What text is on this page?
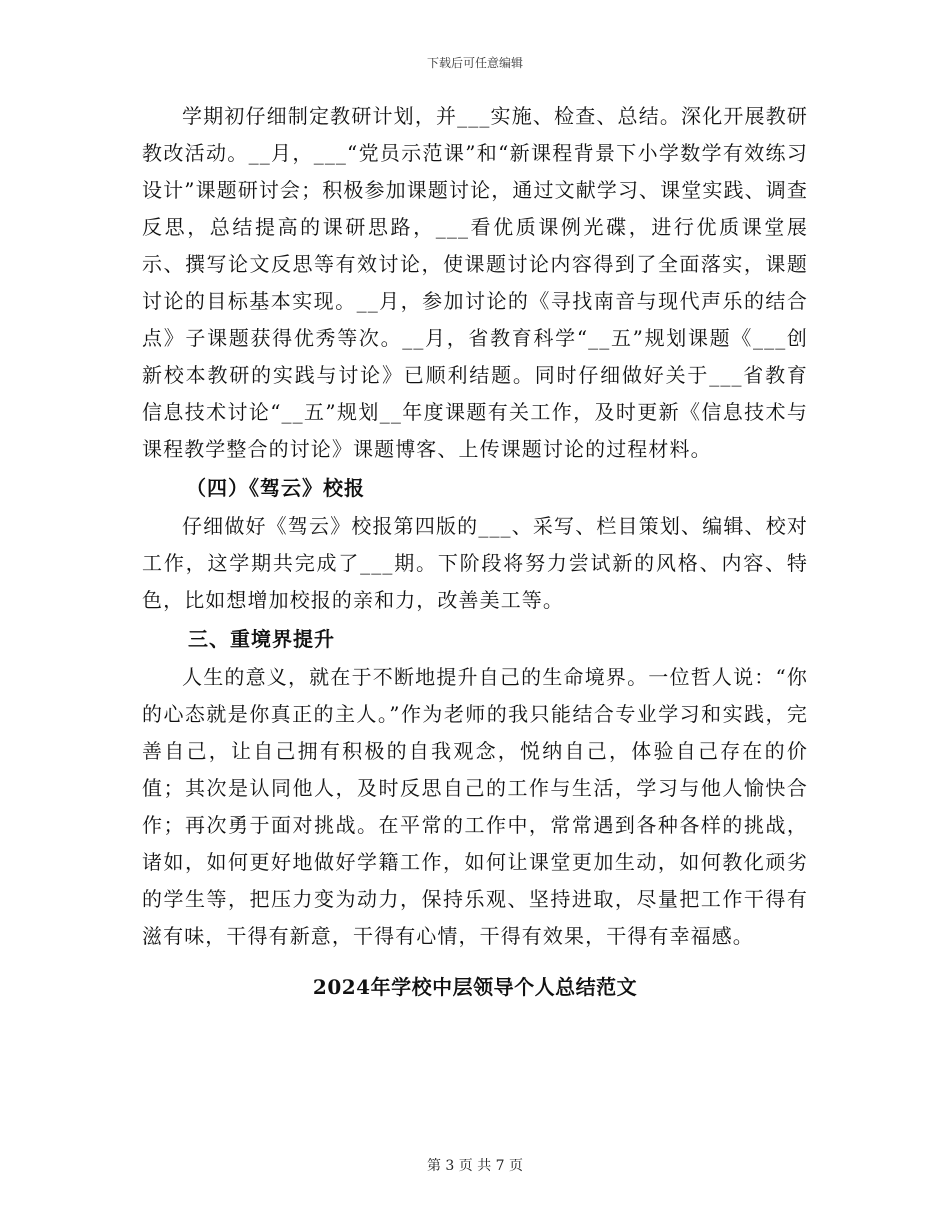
下载后可任意编辑

学期初仔细制定教研计划，并___实施、检查、总结。深化开展教研教改活动。__月，___“党员示范课”和“新课程背景下小学数学有效练习设计”课题研讨会；积极参加课题讨论，通过文献学习、课堂实践、调查反思，总结提高的课研思路，___看优质课例光碟，进行优质课堂展示、撰写论文反思等有效讨论，使课题讨论内容得到了全面落实，课题讨论的目标基本实现。__月，参加讨论的《寻找南音与现代声乐的结合点》子课题获得优秀等次。__月，省教育科学“__五”规划课题《___创新校本教研的实践与讨论》已顺利结题。同时仔细做好关于___省教育信息技术讨论“__五”规划__年度课题有关工作，及时更新《信息技术与课程教学整合的讨论》课题博客、上传课题讨论的过程材料。

（四）《驾云》校报

仔细做好《驾云》校报第四版的___、采写、栏目策划、编辑、校对工作，这学期共完成了___期。下阶段将努力尝试新的风格、内容、特色，比如想增加校报的亲和力，改善美工等。

三、重境界提升

人生的意义，就在于不断地提升自己的生命境界。一位哲人说：“你的心态就是你真正的主人。”作为老师的我只能结合专业学习和实践，完善自己，让自己拥有积极的自我观念，悦纳自己，体验自己存在的价值；其次是认同他人，及时反思自己的工作与生活，学习与他人愉快合作；再次勇于面对挑战。在平常的工作中，常常遇到各种各样的挑战，诸如，如何更好地做好学籍工作，如何让课堂更加生动，如何教化顽劣的学生等，把压力变为动力，保持乐观、坚持进取，尽量把工作干得有滋有味，干得有新意，干得有心情，干得有效果，干得有幸福感。

2024年学校中层领导个人总结范文

第 3 页 共 7 页
